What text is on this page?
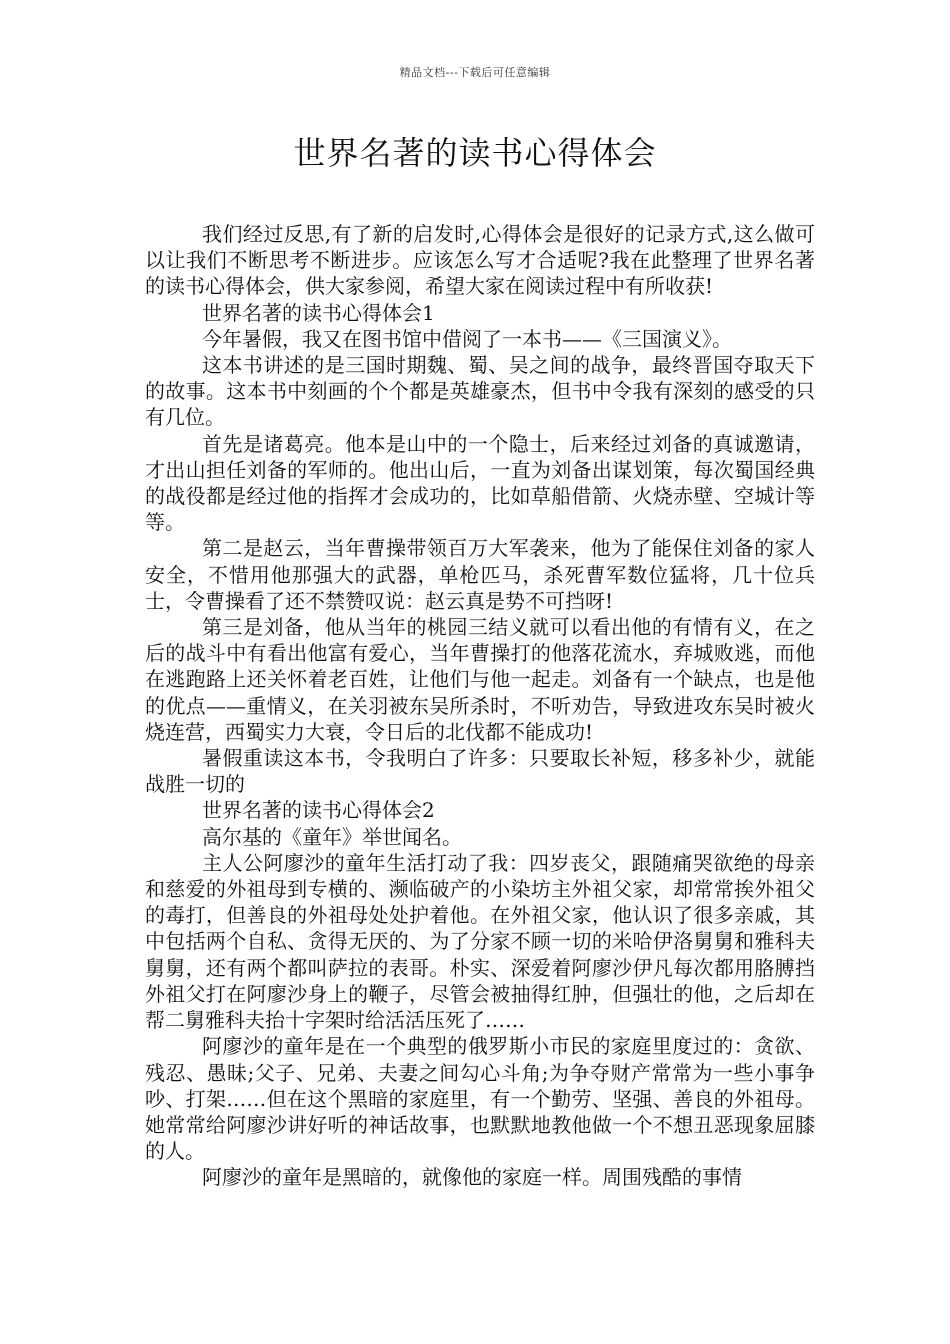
精品文档---下载后可任意编辑
世界名著的读书心得体会

我们经过反思,有了新的启发时,心得体会是很好的记录方式,这么做可以让我们不断思考不断进步。应该怎么写才合适呢?我在此整理了世界名著的读书心得体会，供大家参阅，希望大家在阅读过程中有所收获!

世界名著的读书心得体会1

今年暑假，我又在图书馆中借阅了一本书——《三国演义》。

这本书讲述的是三国时期魏、蜀、吴之间的战争，最终晋国夺取天下的故事。这本书中刻画的个个都是英雄豪杰，但书中令我有深刻的感受的只有几位。

首先是诸葛亮。他本是山中的一个隐士，后来经过刘备的真诚邀请，才出山担任刘备的军师的。他出山后，一直为刘备出谋划策，每次蜀国经典的战役都是经过他的指挥才会成功的，比如草船借箭、火烧赤壁、空城计等等。

第二是赵云，当年曹操带领百万大军袭来，他为了能保住刘备的家人安全，不惜用他那强大的武器，单枪匹马，杀死曹军数位猛将，几十位兵士，令曹操看了还不禁赞叹说：赵云真是势不可挡呀!

第三是刘备，他从当年的桃园三结义就可以看出他的有情有义，在之后的战斗中有看出他富有爱心，当年曹操打的他落花流水，弃城败逃，而他在逃跑路上还关怀着老百姓，让他们与他一起走。刘备有一个缺点，也是他的优点——重情义，在关羽被东吴所杀时，不听劝告，导致进攻东吴时被火烧连营，西蜀实力大衰，令日后的北伐都不能成功!

暑假重读这本书，令我明白了许多：只要取长补短，移多补少，就能战胜一切的

世界名著的读书心得体会2

高尔基的《童年》举世闻名。

主人公阿廖沙的童年生活打动了我：四岁丧父，跟随痛哭欲绝的母亲和慈爱的外祖母到专横的、濒临破产的小染坊主外祖父家，却常常挨外祖父的毒打，但善良的外祖母处处护着他。在外祖父家，他认识了很多亲戚，其中包括两个自私、贪得无厌的、为了分家不顾一切的米哈伊洛舅舅和雅科夫舅舅，还有两个都叫萨拉的表哥。朴实、深爱着阿廖沙伊凡每次都用胳膊挡外祖父打在阿廖沙身上的鞭子，尽管会被抽得红肿，但强壮的他，之后却在帮二舅雅科夫抬十字架时给活活压死了……

阿廖沙的童年是在一个典型的俄罗斯小市民的家庭里度过的：贪欲、残忍、愚昧;父子、兄弟、夫妻之间勾心斗角;为争夺财产常常为一些小事争吵、打架……但在这个黑暗的家庭里，有一个勤劳、坚强、善良的外祖母。她常常给阿廖沙讲好听的神话故事，也默默地教他做一个不想丑恶现象屈膝的人。

阿廖沙的童年是黑暗的，就像他的家庭一样。周围残酷的事情
